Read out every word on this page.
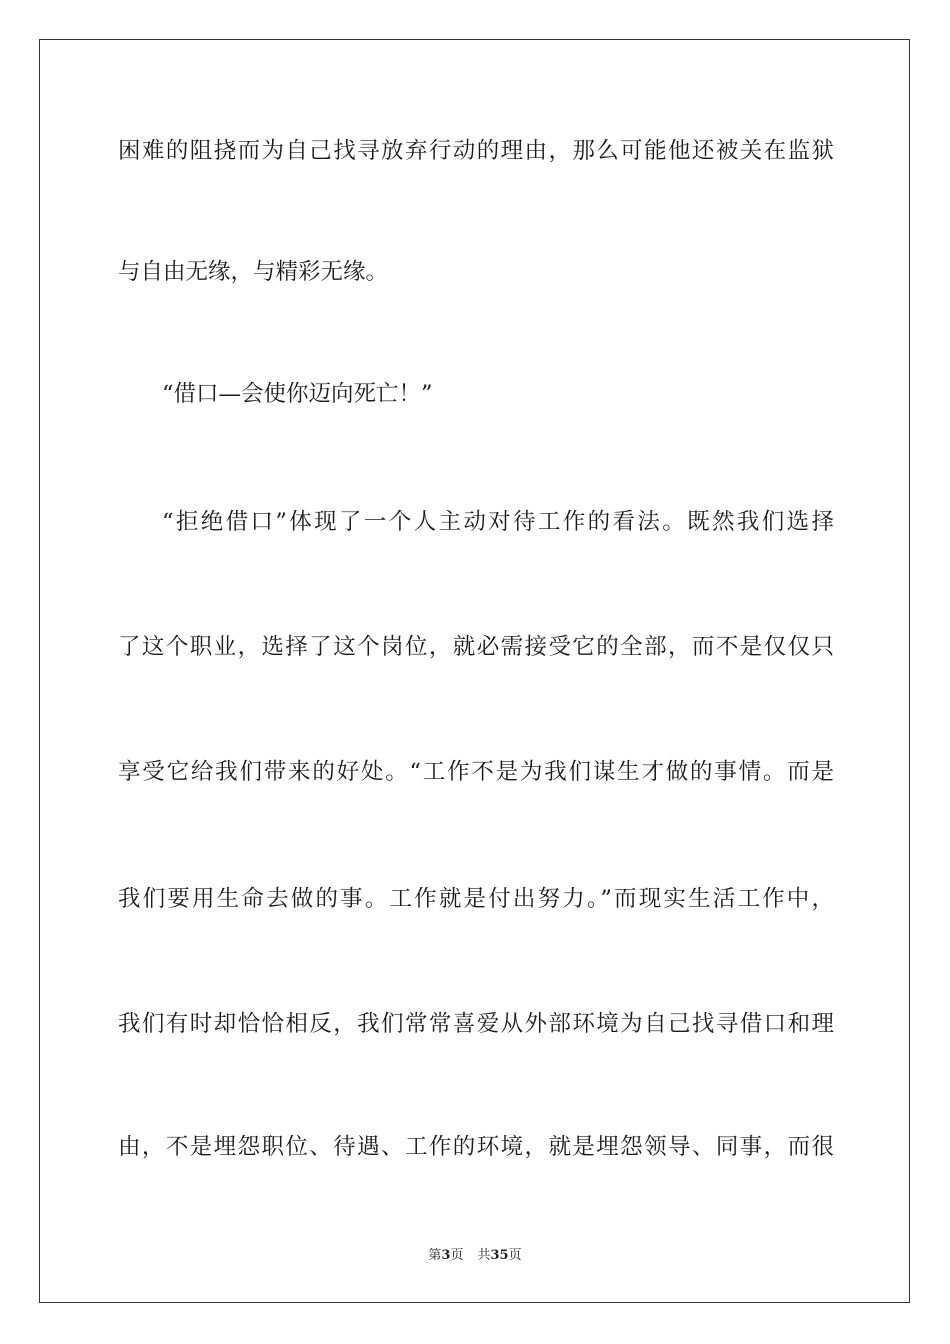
困难的阻挠而为自己找寻放弃行动的理由，那么可能他还被关在监狱
与自由无缘，与精彩无缘。
“借口—会使你迈向死亡！”
“拒绝借口”体现了一个人主动对待工作的看法。既然我们选择
了这个职业，选择了这个岗位，就必需接受它的全部，而不是仅仅只
享受它给我们带来的好处。“工作不是为我们谋生才做的事情。而是
我们要用生命去做的事。工作就是付出努力。”而现实生活工作中，
我们有时却恰恰相反，我们常常喜爱从外部环境为自己找寻借口和理
由，不是埋怨职位、待遇、工作的环境，就是埋怨领导、同事，而很
第3页 共35页
